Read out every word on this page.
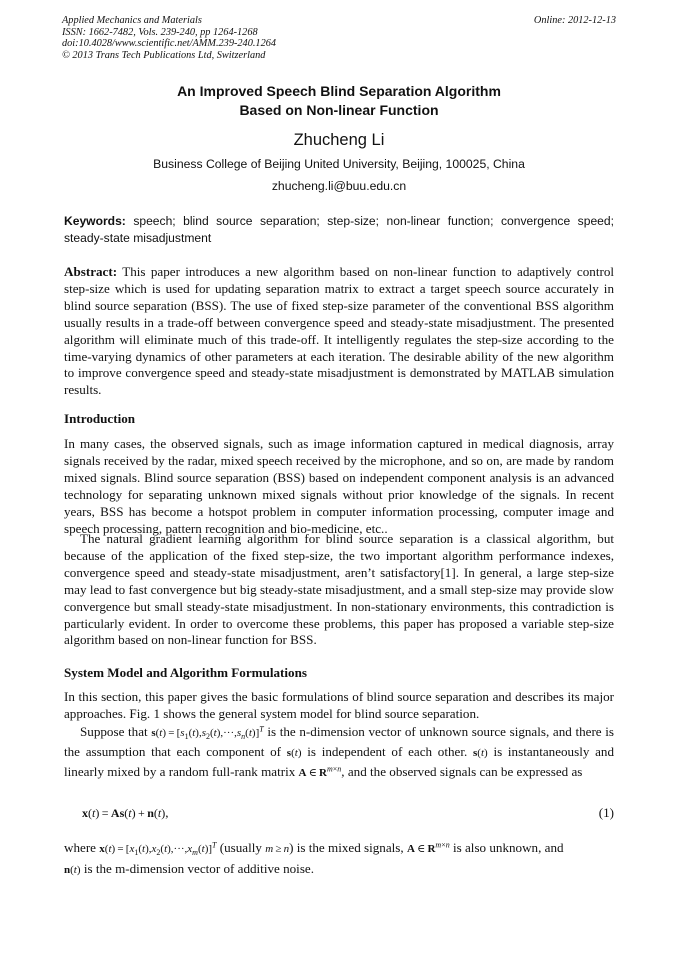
Applied Mechanics and Materials
ISSN: 1662-7482, Vols. 239-240, pp 1264-1268
doi:10.4028/www.scientific.net/AMM.239-240.1264
© 2013 Trans Tech Publications Ltd, Switzerland
Online: 2012-12-13
An Improved Speech Blind Separation Algorithm
Based on Non-linear Function
Zhucheng Li
Business College of Beijing United University, Beijing, 100025, China
zhucheng.li@buu.edu.cn
Keywords: speech; blind source separation; step-size; non-linear function; convergence speed; steady-state misadjustment
Abstract: This paper introduces a new algorithm based on non-linear function to adaptively control step-size which is used for updating separation matrix to extract a target speech source accurately in blind source separation (BSS). The use of fixed step-size parameter of the conventional BSS algorithm usually results in a trade-off between convergence speed and steady-state misadjustment. The presented algorithm will eliminate much of this trade-off. It intelligently regulates the step-size according to the time-varying dynamics of other parameters at each iteration. The desirable ability of the new algorithm to improve convergence speed and steady-state misadjustment is demonstrated by MATLAB simulation results.
Introduction
In many cases, the observed signals, such as image information captured in medical diagnosis, array signals received by the radar, mixed speech received by the microphone, and so on, are made by random mixed signals. Blind source separation (BSS) based on independent component analysis is an advanced technology for separating unknown mixed signals without prior knowledge of the signals. In recent years, BSS has become a hotspot problem in computer information processing, computer image and speech processing, pattern recognition and bio-medicine, etc..
The natural gradient learning algorithm for blind source separation is a classical algorithm, but because of the application of the fixed step-size, the two important algorithm performance indexes, convergence speed and steady-state misadjustment, aren’t satisfactory[1]. In general, a large step-size may lead to fast convergence but big steady-state misadjustment, and a small step-size may provide slow convergence but small steady-state misadjustment. In non-stationary environments, this contradiction is particularly evident. In order to overcome these problems, this paper has proposed a variable step-size algorithm based on non-linear function for BSS.
System Model and Algorithm Formulations
In this section, this paper gives the basic formulations of blind source separation and describes its major approaches. Fig. 1 shows the general system model for blind source separation.
Suppose that $s(t) = [s_1(t),s_2(t),\cdot\cdot\cdot,s_n(t)]^T$ is the n-dimension vector of unknown source signals, and there is the assumption that each component of s(t) is independent of each other. s(t) is instantaneously and linearly mixed by a random full-rank matrix A ∈ $R^{m\times n}$, and the observed signals can be expressed as
x(t) = As(t) + n(t),	(1)
where $x(t) = [x_1(t),x_2(t),\cdot\cdot\cdot,x_m(t)]^T$ (usually m ≥ n) is the mixed signals, A ∈ $R^{m\times n}$ is also unknown, and
n(t) is the m-dimension vector of additive noise.
